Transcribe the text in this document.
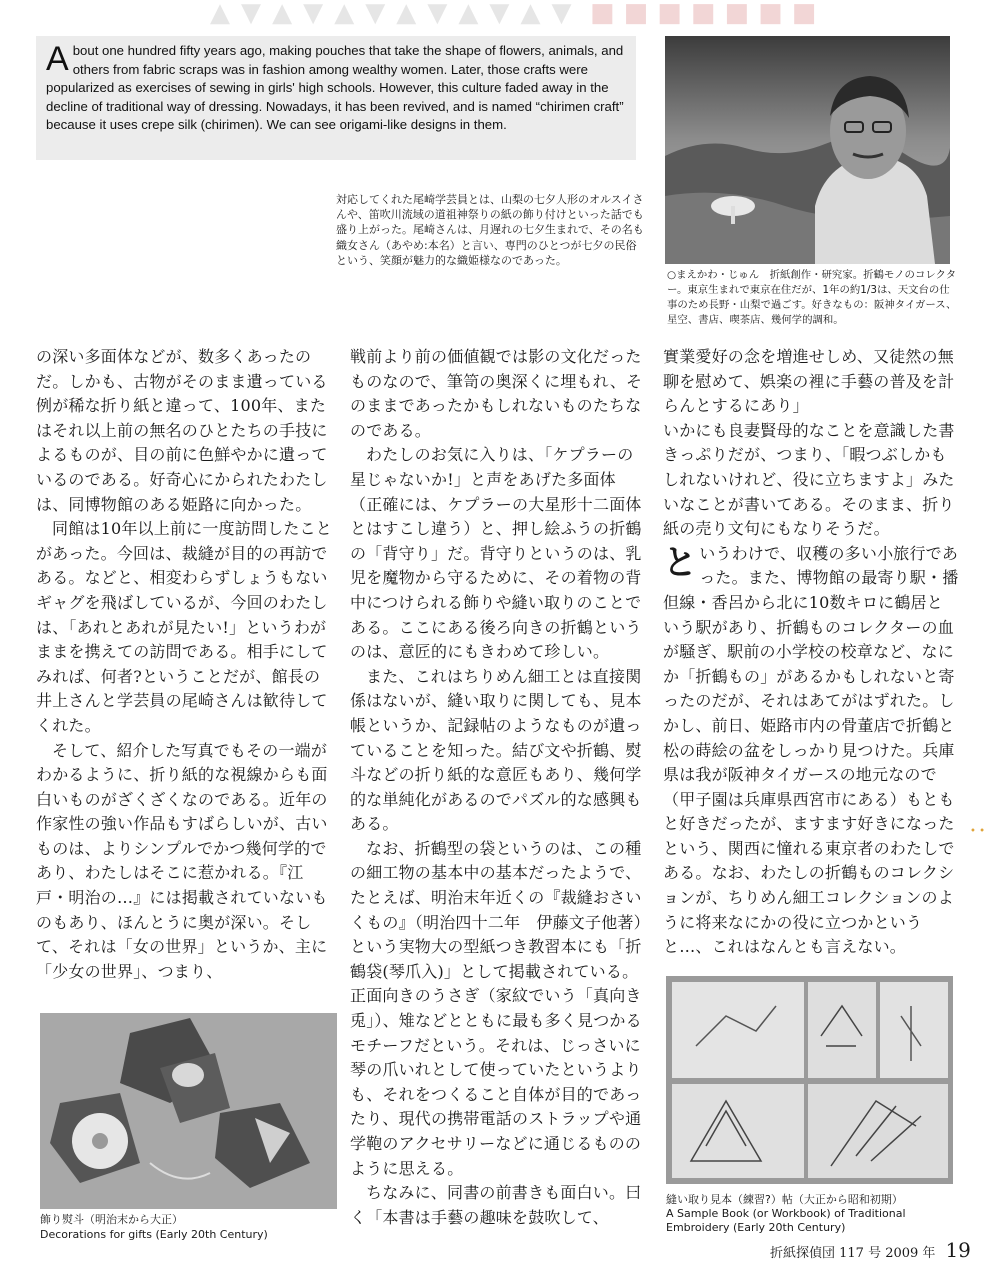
▲ ▼ ▲ ▼ ▲ ▼ ▲ ▼ ▲ ▼ ▲ ▼ ■ ■ ■ ■ ■ ■ ■
About one hundred fifty years ago, making pouches that take the shape of flowers, animals, and others from fabric scraps was in fashion among wealthy women. Later, those crafts were popularized as exercises of sewing in girls' high schools. However, this culture faded away in the decline of traditional way of dressing. Nowadays, it has been revived, and is named “chirimen craft” because it uses crepe silk (chirimen). We can see origami-like designs in them.
○まえかわ・じゅん　折紙創作・研究家。折鶴モノのコレクター。東京生まれで東京在住だが、1年の約1/3は、天文台の仕事のため長野・山梨で過ごす。好きなもの：阪神タイガース、星空、書店、喫茶店、幾何学的調和。
対応してくれた尾崎学芸員とは、山梨の七夕人形のオルスイさんや、笛吹川流域の道祖神祭りの紙の飾り付けといった話でも盛り上がった。尾崎さんは、月遅れの七夕生まれで、その名も織女さん（あやめ:本名）と言い、専門のひとつが七夕の民俗という、笑顔が魅力的な織姫様なのであった。

の深い多面体などが、数多くあったのだ。しかも、古物がそのまま遺っている例が稀な折り紙と違って、100年、またはそれ以上前の無名のひとたちの手技によるものが、目の前に色鮮やかに遺っているのである。好奇心にかられたわたしは、同博物館のある姫路に向かった。

同館は10年以上前に一度訪問したことがあった。今回は、裁縫が目的の再訪である。などと、相変わらずしょうもないギャグを飛ばしているが、今回のわたしは、「あれとあれが見たい!」というわがままを携えての訪問である。相手にしてみれば、何者?ということだが、館長の井上さんと学芸員の尾崎さんは歓待してくれた。

そして、紹介した写真でもその一端がわかるように、折り紙的な視線からも面白いものがざくざくなのである。近年の作家性の強い作品もすばらしいが、古いものは、よりシンプルでかつ幾何学的であり、わたしはそこに惹かれる。『江戸・明治の…』には掲載されていないものもあり、ほんとうに奥が深い。そして、それは「女の世界」というか、主に「少女の世界」、つまり、

戦前より前の価値観では影の文化だったものなので、筆笥の奥深くに埋もれ、そのままであったかもしれないものたちなのである。

わたしのお気に入りは、「ケプラーの星じゃないか!」と声をあげた多面体（正確には、ケプラーの大星形十二面体とはすこし違う）と、押し絵ふうの折鶴の「背守り」だ。背守りというのは、乳児を魔物から守るために、その着物の背中につけられる飾りや縫い取りのことである。ここにある後ろ向きの折鶴というのは、意匠的にもきわめて珍しい。

また、これはちりめん細工とは直接関係はないが、縫い取りに関しても、見本帳というか、記録帖のようなものが遺っていることを知った。結び文や折鶴、熨斗などの折り紙的な意匠もあり、幾何学的な単純化があるのでパズル的な感興もある。

なお、折鶴型の袋というのは、この種の細工物の基本中の基本だったようで、たとえば、明治末年近くの『裁縫おさいくもの』（明治四十二年　伊藤文子他著）という実物大の型紙つき教習本にも「折鶴袋(琴爪入)」として掲載されている。正面向きのうさぎ（家紋でいう「真向き兎」）、雉などとともに最も多く見つかるモチーフだという。それは、じっさいに琴の爪いれとして使っていたというよりも、それをつくること自体が目的であったり、現代の携帯電話のストラップや通学鞄のアクセサリーなどに通じるもののように思える。

ちなみに、同書の前書きも面白い。曰く「本書は手藝の趣味を鼓吹して、

實業愛好の念を増進せしめ、又徒然の無聊を慰めて、娯楽の裡に手藝の普及を計らんとするにあり」

いかにも良妻賢母的なことを意識した書きっぷりだが、つまり、「暇つぶしかもしれないけれど、役に立ちますよ」みたいなことが書いてある。そのまま、折り紙の売り文句にもなりそうだ。

というわけで、収穫の多い小旅行であった。また、博物館の最寄り駅・播但線・香呂から北に10数キロに鶴居という駅があり、折鶴ものコレクターの血が騒ぎ、駅前の小学校の校章など、なにか「折鶴もの」があるかもしれないと寄ったのだが、それはあてがはずれた。しかし、前日、姫路市内の骨董店で折鶴と松の蒔絵の盆をしっかり見つけた。兵庫県は我が阪神タイガースの地元なので（甲子園は兵庫県西宮市にある）もともと好きだったが、ますます好きになったという、関西に憧れる東京者のわたしである。なお、わたしの折鶴ものコレクションが、ちりめん細工コレクションのように将来なにかの役に立つかというと…、これはなんとも言えない。

飾り熨斗（明治末から大正）
Decorations for gifts (Early 20th Century)
縫い取り見本（練習?）帖（大正から昭和初期）
A Sample Book (or Workbook) of Traditional Embroidery (Early 20th Century)
• •
折紙探偵団 117 号 2009 年 19
